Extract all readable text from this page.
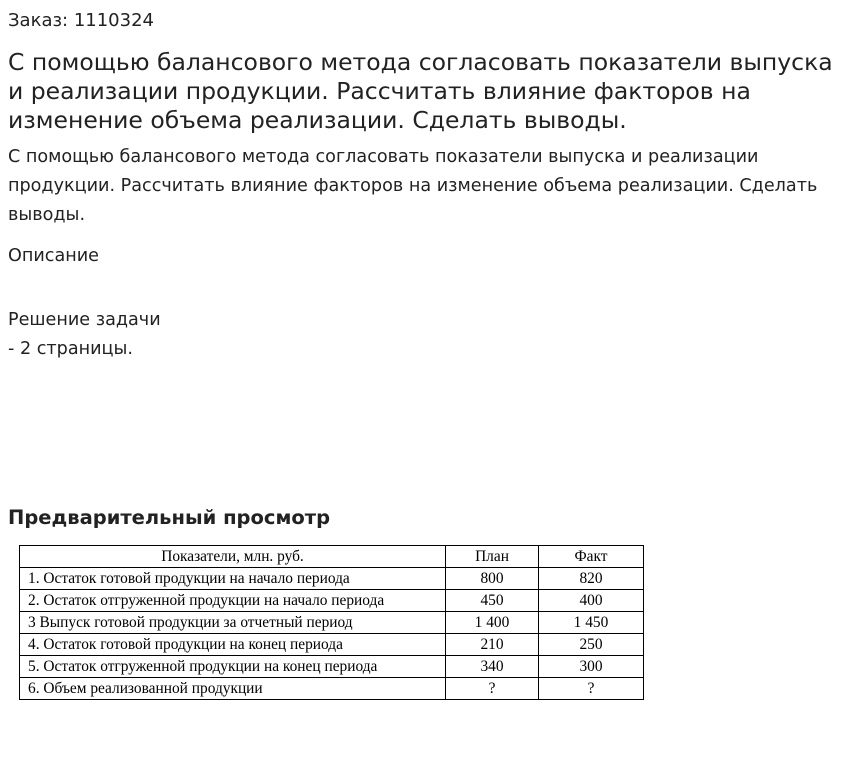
Заказ: 1110324
С помощью балансового метода согласовать показатели выпуска и реализации продукции. Рассчитать влияние факторов на изменение объема реализации. Сделать выводы.
С помощью балансового метода согласовать показатели выпуска и реализации продукции. Рассчитать влияние факторов на изменение объема реализации. Сделать выводы.
Описание
Решение задачи
- 2 страницы.
Предварительный просмотр
Показатели, млн. руб.	План	Факт
1. Остаток готовой продукции на начало периода	800	820
2. Остаток отгруженной продукции на начало периода	450	400
3 Выпуск готовой продукции за отчетный период	1 400	1 450
4. Остаток готовой продукции на конец периода	210	250
5. Остаток отгруженной продукции на конец периода	340	300
6. Объем реализованной продукции	?	?
